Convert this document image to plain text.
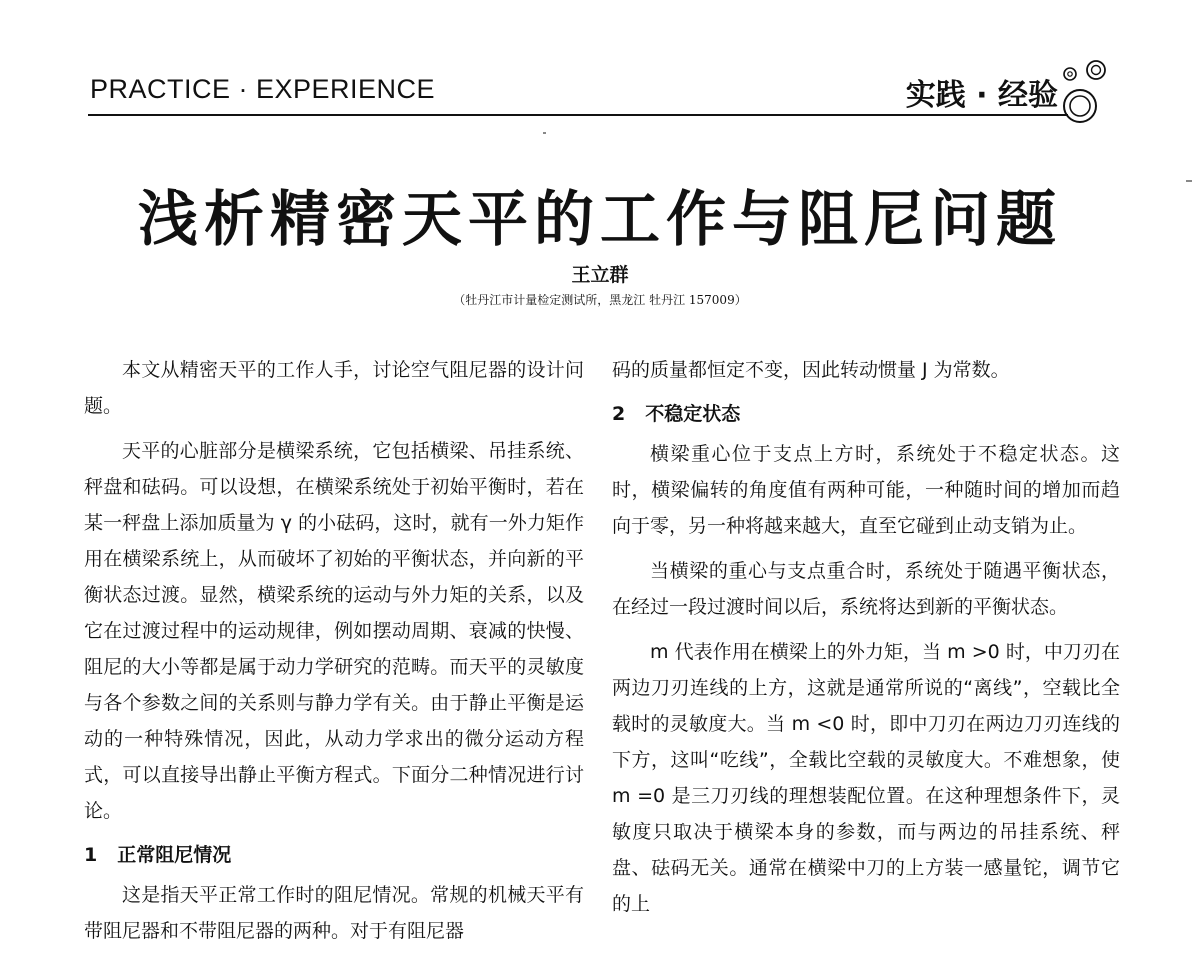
PRACTICE · EXPERIENCE	实践 · 经验
浅析精密天平的工作与阻尼问题
王立群
（牡丹江市计量检定测试所，黑龙江 牡丹江 157009）

本文从精密天平的工作人手，讨论空气阻尼器的设计问题。

天平的心脏部分是横梁系统，它包括横梁、吊挂系统、秤盘和砝码。可以设想，在横梁系统处于初始平衡时，若在某一秤盘上添加质量为 γ 的小砝码，这时，就有一外力矩作用在横梁系统上，从而破坏了初始的平衡状态，并向新的平衡状态过渡。显然，横梁系统的运动与外力矩的关系，以及它在过渡过程中的运动规律，例如摆动周期、衰减的快慢、阻尼的大小等都是属于动力学研究的范畴。而天平的灵敏度与各个参数之间的关系则与静力学有关。由于静止平衡是运动的一种特殊情况，因此，从动力学求出的微分运动方程式，可以直接导出静止平衡方程式。下面分二种情况进行讨论。

1 正常阻尼情况

这是指天平正常工作时的阻尼情况。常规的机械天平有带阻尼器和不带阻尼器的两种。对于有阻尼器

码的质量都恒定不变，因此转动惯量 J 为常数。

2 不稳定状态

横梁重心位于支点上方时，系统处于不稳定状态。这时，横梁偏转的角度值有两种可能，一种随时间的增加而趋向于零，另一种将越来越大，直至它碰到止动支销为止。

当横梁的重心与支点重合时，系统处于随遇平衡状态，在经过一段过渡时间以后，系统将达到新的平衡状态。

m 代表作用在横梁上的外力矩，当 m >0 时，中刀刃在两边刀刃连线的上方，这就是通常所说的“离线”，空载比全载时的灵敏度大。当 m <0 时，即中刀刃在两边刀刃连线的下方，这叫“吃线”，全载比空载的灵敏度大。不难想象，使 m =0 是三刀刃线的理想装配位置。在这种理想条件下，灵敏度只取决于横梁本身的参数，而与两边的吊挂系统、秤盘、砝码无关。通常在横梁中刀的上方装一感量铊，调节它的上
